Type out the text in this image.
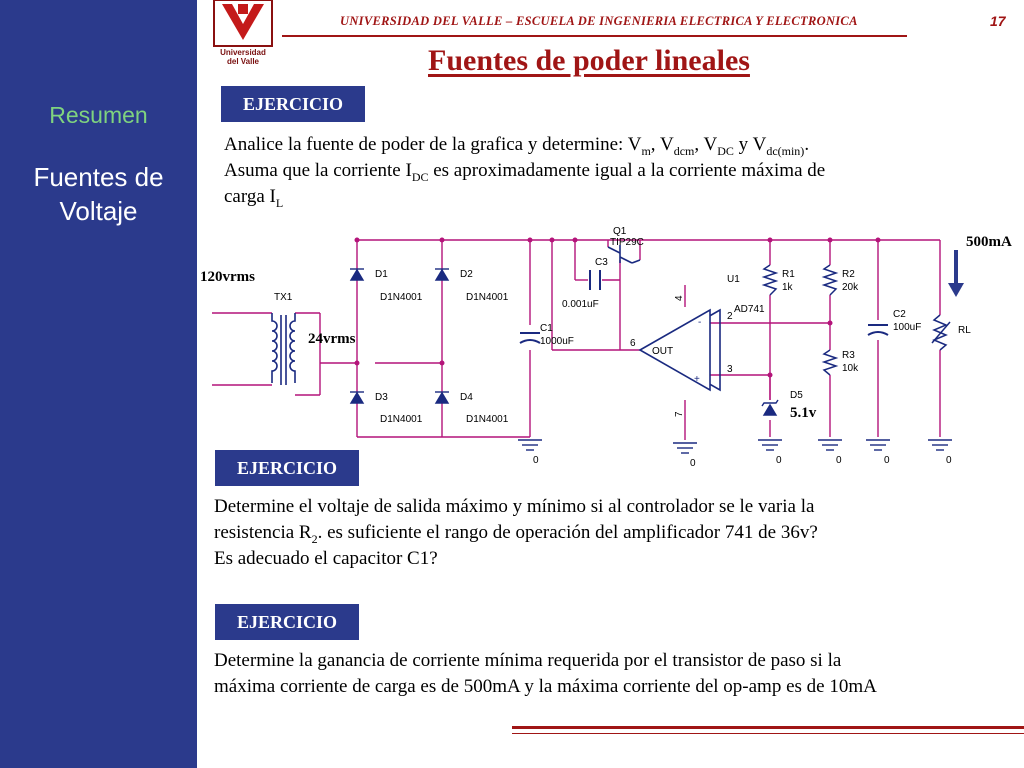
Resumen
Fuentes de
Voltaje
Universidad
del Valle
UNIVERSIDAD DEL VALLE – ESCUELA DE INGENIERIA ELECTRICA Y ELECTRONICA	17
Fuentes de poder lineales
EJERCICIO
Analice la fuente de poder de la grafica y determine: $V_m$, $V_{dcm}$, $V_{DC}$ y $V_{dc(min)}$.
Asuma que la corriente $I_{DC}$ es aproximadamente igual a la corriente máxima de
carga $I_L$
-
+
TX1
D1	D2
D3	D4
D1N4001	D1N4001
D1N4001	D1N4001
C1
1000uF
C3
0.001uF
Q1
TIP29C
U1
AD741
OUT
R1
1k
R2
20k
R3
10k
C2
100uF	RL
D5
4
2
3
6
7
0	0	0	0	0	0
120vrms
24vrms
500mA
5.1v
EJERCICIO
Determine el voltaje de salida máximo y mínimo si al controlador se le varia la
resistencia $R_2$. es suficiente el rango de operación del amplificador 741 de 36v?
Es adecuado el capacitor C1?
EJERCICIO
Determine la ganancia de corriente mínima requerida por el transistor de paso si la
máxima corriente de carga es de 500mA y la máxima corriente del op-amp es de 10mA
